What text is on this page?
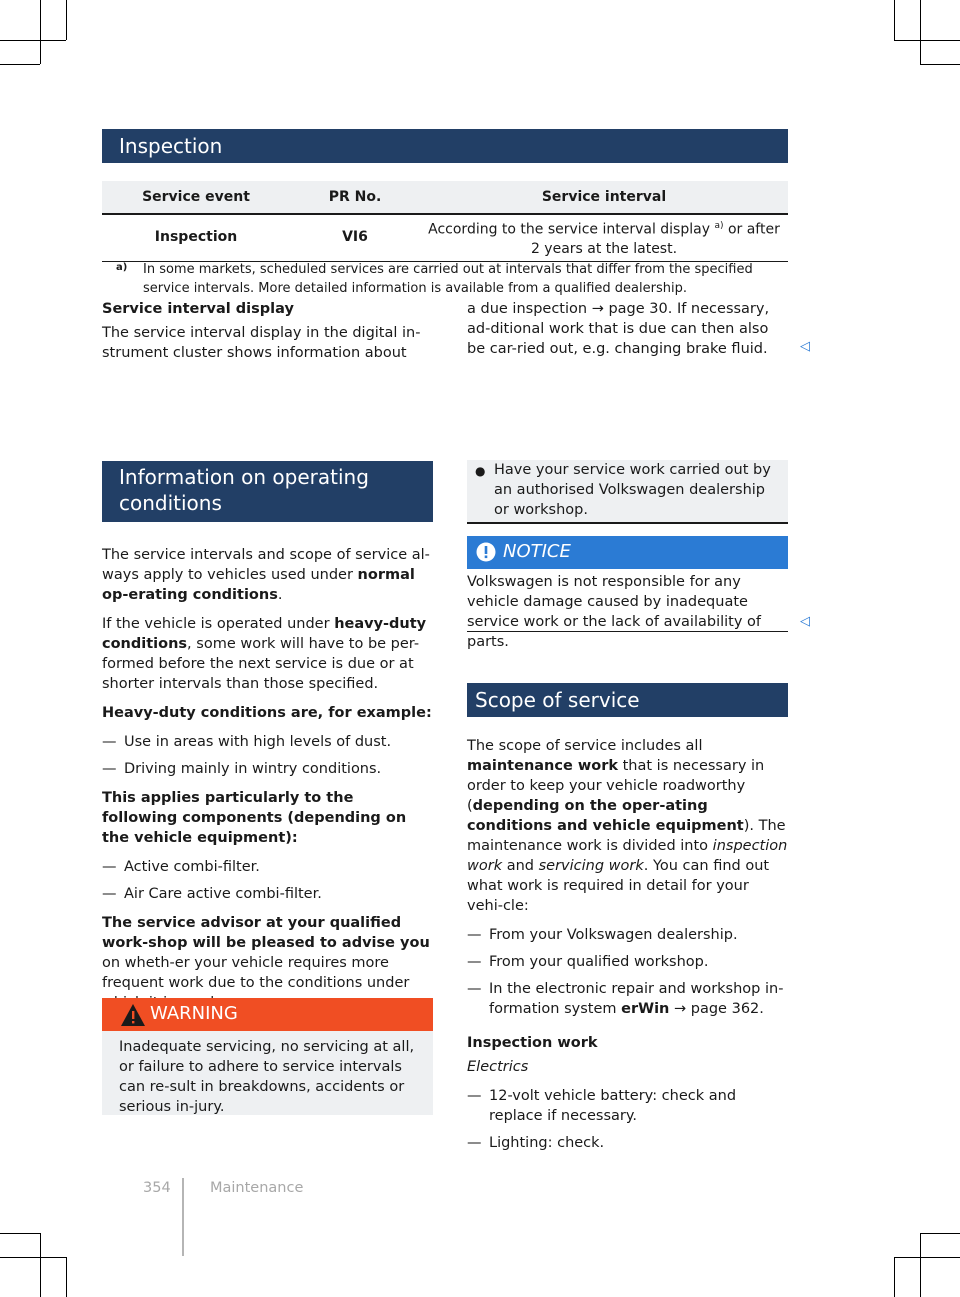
Inspection
Service event	PR No.	Service interval
Inspection	VI6	According to the service interval display $^{a)}$ or after
2 years at the latest.
a) In some markets, scheduled services are carried out at intervals that differ from the specified service intervals. More detailed information is available from a qualified dealership.

Service interval display

The service interval display in the digital in-strument cluster shows information about

a due inspection → page 30. If necessary, ad-ditional work that is due can then also be car-ried out, e.g. changing brake fluid.	◁
Information on operating
conditions

The service intervals and scope of service al-ways apply to vehicles used under normal op-erating conditions.

If the vehicle is operated under heavy-duty conditions, some work will have to be per-formed before the next service is due or at shorter intervals than those specified.

Heavy-duty conditions are, for example:

— Use in areas with high levels of dust.

— Driving mainly in wintry conditions.

This applies particularly to the following components (depending on the vehicle equipment):

— Active combi-filter.

— Air Care active combi-filter.

The service advisor at your qualified work-shop will be pleased to advise you on wheth-er your vehicle requires more frequent work due to the conditions under

WARNING

Inadequate servicing, no servicing at all, or failure to adhere to service intervals can re-sult in breakdowns, accidents or serious in-jury.

● Have your service work carried out by an authorised Volkswagen dealership or workshop.

NOTICE

Volkswagen is not responsible for any vehicle damage caused by inadequate service work or the lack of availability of parts.

◁
Scope of service

The scope of service includes all maintenance work that is necessary in order to keep your vehicle roadworthy (depending on the oper-ating conditions and vehicle equipment). The maintenance work is divided into inspection work and servicing work. You can find out what work is required in detail for your vehi-cle:

— From your Volkswagen dealership.

— From your qualified workshop.

— In the electronic repair and workshop in-formation system erWin → page 362.

Inspection work

Electrics

— 12-volt vehicle battery: check and replace if necessary.

— Lighting: check.

354	Maintenance
